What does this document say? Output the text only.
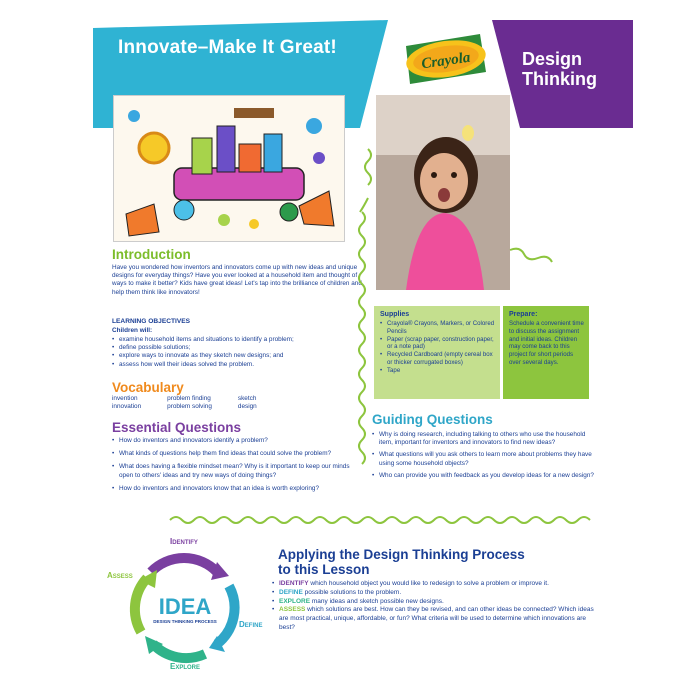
Innovate–Make It Great!
Design
Thinking
Crayola
Introduction
Have you wondered how inventors and innovators come up with new ideas and unique designs for everyday things? Have you ever looked at a household item and thought of ways to make it better? Kids have great ideas! Let's tap into the brilliance of children and help them think like innovators!
LEARNING OBJECTIVES
Children will:
• examine household items and situations to identify a problem;
• define possible solutions;
• explore ways to innovate as they sketch new designs; and
• assess how well their ideas solved the problem.
Vocabulary
invention	problem finding	sketch
innovation	problem solving	design
Essential Questions
• How do inventors and innovators identify a problem?
• What kinds of questions help them find ideas that could solve the problem?
• What does having a flexible mindset mean? Why is it important to keep our minds open to others' ideas and try new ways of doing things?
• How do inventors and innovators know that an idea is worth exploring?
Supplies
• Crayola® Crayons, Markers, or Colored Pencils
• Paper (scrap paper, construction paper, or a note pad)
• Recycled Cardboard (empty cereal box or thicker corrugated boxes)
• Tape
Prepare:
Schedule a convenient time to discuss the assignment and initial ideas. Children may come back to this project for short periods over several days.
Guiding Questions
• Why is doing research, including talking to others who use the household item, important for inventors and innovators to find new ideas?
• What questions will you ask others to learn more about problems they have using some household objects?
• Who can provide you with feedback as you develop ideas for a new design?
IDEA
DESIGN THINKING PROCESS
Identify
Define
Explore
Assess
Applying the Design Thinking Process
to this Lesson
• IDENTIFY which household object you would like to redesign to solve a problem or improve it.
• DEFINE possible solutions to the problem.
• EXPLORE many ideas and sketch possible new designs.
• ASSESS which solutions are best. How can they be revised, and can other ideas be connected? Which ideas are most practical, unique, affordable, or fun? What criteria will be used to determine which innovations are best?
